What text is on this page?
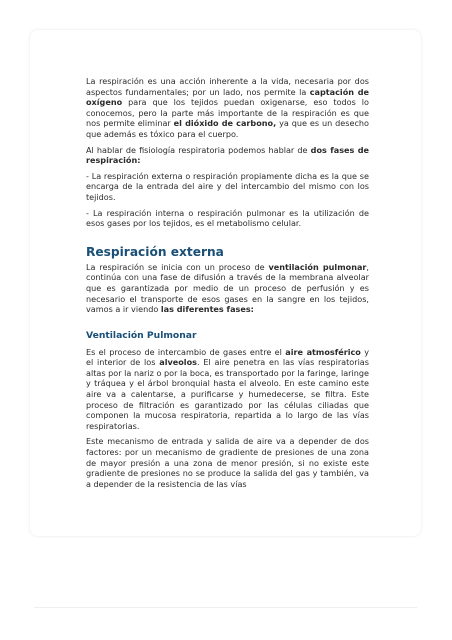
La respiración es una acción inherente a la vida, necesaria por dos aspectos fundamentales; por un lado, nos permite la captación de oxígeno para que los tejidos puedan oxigenarse, eso todos lo conocemos, pero la parte más importante de la respiración es que nos permite eliminar el dióxido de carbono, ya que es un desecho que además es tóxico para el cuerpo.

Al hablar de fisiología respiratoria podemos hablar de dos fases de respiración:

- La respiración externa o respiración propiamente dicha es la que se encarga de la entrada del aire y del intercambio del mismo con los tejidos.

- La respiración interna o respiración pulmonar es la utilización de esos gases por los tejidos, es el metabolismo celular.

Respiración externa

La respiración se inicia con un proceso de ventilación pulmonar, continúa con una fase de difusión a través de la membrana alveolar que es garantizada por medio de un proceso de perfusión y es necesario el transporte de esos gases en la sangre en los tejidos, vamos a ir viendo las diferentes fases:

Ventilación Pulmonar

Es el proceso de intercambio de gases entre el aire atmosférico y el interior de los alveolos. El aire penetra en las vías respiratorias altas por la nariz o por la boca, es transportado por la faringe, laringe y tráquea y el árbol bronquial hasta el alveolo. En este camino este aire va a calentarse, a purificarse y humedecerse, se filtra. Este proceso de filtración es garantizado por las células ciliadas que componen la mucosa respiratoria, repartida a lo largo de las vías respiratorias.

Este mecanismo de entrada y salida de aire va a depender de dos factores: por un mecanismo de gradiente de presiones de una zona de mayor presión a una zona de menor presión, si no existe este gradiente de presiones no se produce la salida del gas y también, va a depender de la resistencia de las vías
